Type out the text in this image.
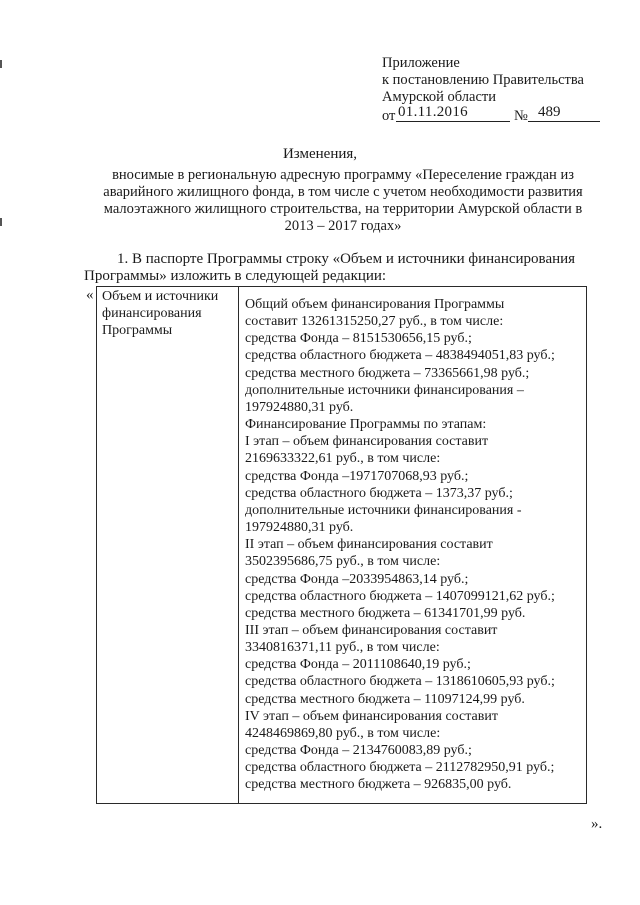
Приложение
к постановлению Правительства
Амурской области
от 01.11.2016	№ 489
Изменения,
вносимые в региональную адресную программу «Переселение граждан из
аварийного жилищного фонда, в том числе с учетом необходимости развития
малоэтажного жилищного строительства, на территории Амурской области в
2013 – 2017 годах»
1. В паспорте Программы строку «Объем и источники финансирования
Программы» изложить в следующей редакции:
« Объем и источники
финансирования
Программы
Общий объем финансирования Программы
составит 13261315250,27 руб., в том числе:
средства Фонда – 8151530656,15 руб.;
средства областного бюджета – 4838494051,83 руб.;
средства местного бюджета – 73365661,98 руб.;
дополнительные источники финансирования –
197924880,31 руб.
Финансирование Программы по этапам:
I этап – объем финансирования составит
2169633322,61 руб., в том числе:
средства Фонда –1971707068,93 руб.;
средства областного бюджета – 1373,37 руб.;
дополнительные источники финансирования -
197924880,31 руб.
II этап – объем финансирования составит
3502395686,75 руб., в том числе:
средства Фонда –2033954863,14 руб.;
средства областного бюджета – 1407099121,62 руб.;
средства местного бюджета – 61341701,99 руб.
III этап – объем финансирования составит
3340816371,11 руб., в том числе:
средства Фонда – 2011108640,19 руб.;
средства областного бюджета – 1318610605,93 руб.;
средства местного бюджета – 11097124,99 руб.
IV этап – объем финансирования составит
4248469869,80 руб., в том числе:
средства Фонда – 2134760083,89 руб.;
средства областного бюджета – 2112782950,91 руб.;
средства местного бюджета – 926835,00 руб.
».
